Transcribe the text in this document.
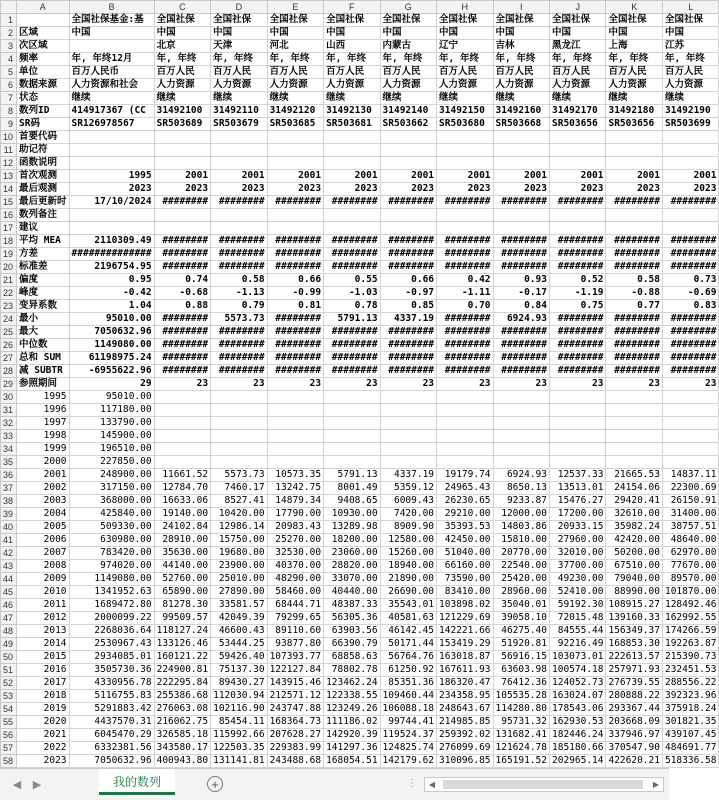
	A	B	C	D	E	F	G	H	I	J	K	L
1		全国社保基金:基	全国社保	全国社保	全国社保	全国社保	全国社保	全国社保	全国社保	全国社保	全国社保	全国社保
2	区域	中国	中国	中国	中国	中国	中国	中国	中国	中国	中国	中国
3	次区域		北京	天津	河北	山西	内蒙古	辽宁	吉林	黑龙江	上海	江苏
4	频率	年, 年终12月	年, 年终	年, 年终	年, 年终	年, 年终	年, 年终	年, 年终	年, 年终	年, 年终	年, 年终	年, 年终
5	单位	百万人民币	百万人民	百万人民	百万人民	百万人民	百万人民	百万人民	百万人民	百万人民	百万人民	百万人民
6	数据来源	人力资源和社会	人力资源	人力资源	人力资源	人力资源	人力资源	人力资源	人力资源	人力资源	人力资源	人力资源
7	状态	继续	继续	继续	继续	继续	继续	继续	继续	继续	继续	继续
8	数列ID	414917367 (CC	31492100	31492110	31492120	31492130	31492140	31492150	31492160	31492170	31492180	31492190
9	SR码	SR126978567	SR503689	SR503679	SR503685	SR503681	SR503662	SR503680	SR503668	SR503656	SR503656	SR503699
10	首要代码											
11	助记符											
12	函数说明											
13	首次观测	1995	2001	2001	2001	2001	2001	2001	2001	2001	2001	2001
14	最后观测	2023	2023	2023	2023	2023	2023	2023	2023	2023	2023	2023
15	最后更新时	17/10/2024	########	########	########	########	########	########	########	########	########	########
16	数列备注											
17	建议											
18	平均 MEA	2110309.49	########	########	########	########	########	########	########	########	########	########
19	方差	##############	########	########	########	########	########	########	########	########	########	########
20	标准差	2196754.95	########	########	########	########	########	########	########	########	########	########
21	偏度	0.95	0.74	0.58	0.66	0.55	0.66	0.42	0.93	0.52	0.58	0.73
22	峰度	-0.42	-0.68	-1.13	-0.99	-1.03	-0.97	-1.11	-0.17	-1.19	-0.88	-0.69
23	变异系数	1.04	0.88	0.79	0.81	0.78	0.85	0.70	0.84	0.75	0.77	0.83
24	最小	95010.00	########	5573.73	########	5791.13	4337.19	########	6924.93	########	########	########
25	最大	7050632.96	########	########	########	########	########	########	########	########	########	########
26	中位数	1149080.00	########	########	########	########	########	########	########	########	########	########
27	总和 SUM	61198975.24	########	########	########	########	########	########	########	########	########	########
28	减 SUBTR	-6955622.96	########	########	########	########	########	########	########	########	########	########
29	参照期间	29	23	23	23	23	23	23	23	23	23	23
30	1995	95010.00										
31	1996	117180.00										
32	1997	133790.00										
33	1998	145900.00										
34	1999	196510.00										
35	2000	227850.00										
36	2001	248900.00	11661.52	5573.73	10573.35	5791.13	4337.19	19179.74	6924.93	12537.33	21665.53	14837.11
37	2002	317150.00	12784.70	7460.17	13242.75	8001.49	5359.12	24965.43	8650.13	13513.01	24154.06	22300.69
38	2003	368000.00	16633.06	8527.41	14879.34	9408.65	6009.43	26230.65	9233.87	15476.27	29420.41	26150.91
39	2004	425840.00	19140.00	10420.00	17790.00	10930.00	7420.00	29210.00	12000.00	17200.00	32610.00	31400.00
40	2005	509330.00	24102.84	12986.14	20983.43	13289.98	8909.90	35393.53	14803.86	20933.15	35982.24	38757.51
41	2006	630980.00	28910.00	15750.00	25270.00	18200.00	12580.00	42450.00	15810.00	27960.00	42420.00	48640.00
42	2007	783420.00	35630.00	19680.00	32530.00	23060.00	15260.00	51040.00	20770.00	32010.00	50200.00	62970.00
43	2008	974020.00	44140.00	23900.00	40370.00	28820.00	18940.00	66160.00	22540.00	37700.00	67510.00	77670.00
44	2009	1149080.00	52760.00	25010.00	48290.00	33070.00	21890.00	73590.00	25420.00	49230.00	79040.00	89570.00
45	2010	1341952.63	65890.00	27890.00	58460.00	40440.00	26690.00	83410.00	28960.00	52410.00	88990.00	101870.00
46	2011	1689472.80	81278.30	33581.57	68444.71	48387.33	35543.01	103898.02	35040.01	59192.30	108915.27	128492.46
47	2012	2000099.22	99509.57	42049.39	79299.65	56305.36	40581.63	121229.69	39058.10	72015.48	139160.33	162992.55
48	2013	2268036.64	118127.24	46600.43	89110.60	63903.56	46142.45	142221.66	46275.40	84555.44	156349.37	174266.59
49	2014	2530967.43	133126.46	53444.25	93877.80	66390.79	50171.44	153419.29	51920.81	92216.49	168853.30	192263.87
50	2015	2934085.01	160121.22	59426.40	107393.77	68858.63	56764.76	163018.87	56916.15	103073.01	222613.57	215390.73
51	2016	3505730.36	224900.81	75137.30	122127.84	78802.78	61250.92	167611.93	63603.98	100574.18	257971.93	232451.53
52	2017	4330956.78	222295.84	89430.27	143915.46	123462.24	85351.36	186320.47	76412.36	124052.73	276739.55	288556.22
53	2018	5116755.83	255386.68	112030.94	212571.12	122338.55	109460.44	234358.95	105535.28	163024.07	280888.22	392323.96
54	2019	5291883.42	276063.08	102116.90	243747.88	123249.26	106088.18	248643.67	114280.80	178543.06	293367.44	375918.24
55	2020	4437570.31	216062.75	85454.11	168364.73	111186.02	99744.41	214985.85	95731.32	162930.53	203668.09	301821.35
56	2021	6045470.29	326585.18	115992.66	207628.27	142920.39	119524.37	259392.02	131682.41	182446.24	337946.97	439107.45
57	2022	6332381.56	343580.17	122503.35	229383.99	141297.36	124825.74	276099.69	121624.78	185180.66	370547.90	484691.77
58	2023	7050632.96	400943.80	131141.81	243488.68	168054.51	142179.62	310096.85	165191.52	202965.14	422620.21	518336.58
◀ ▶	我的数列	+	⋮	◀	▶
